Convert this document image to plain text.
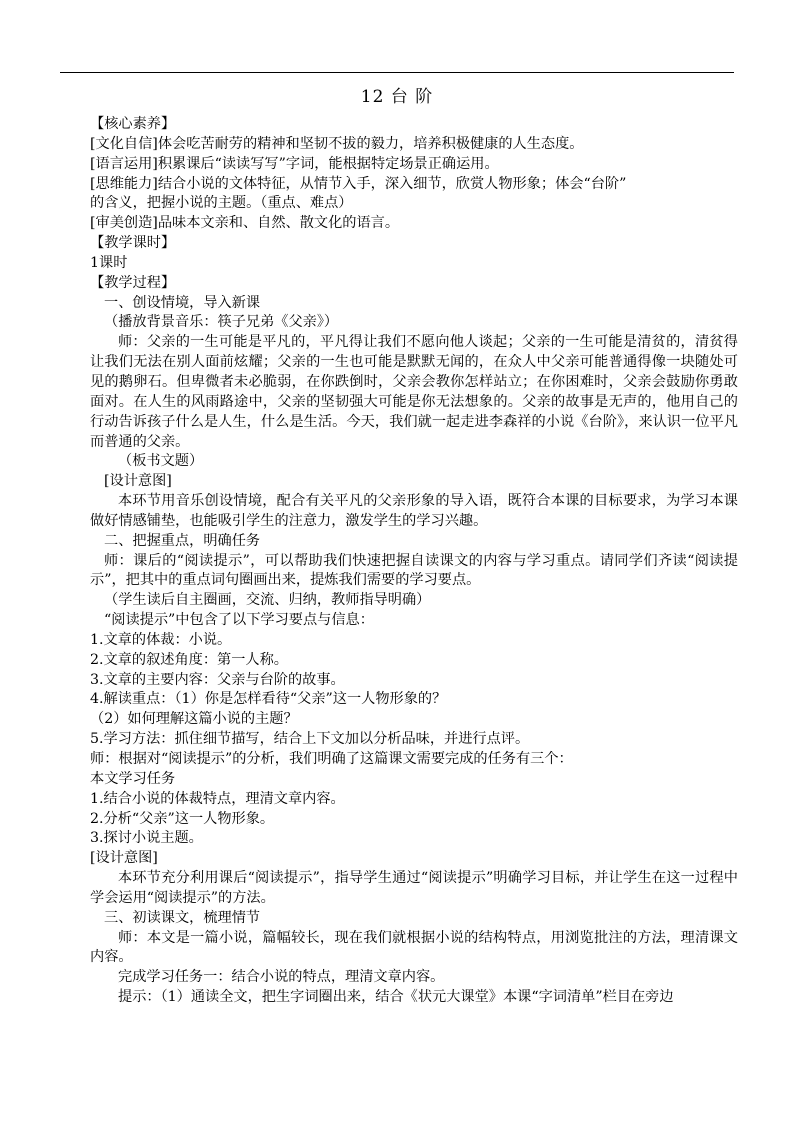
12 台 阶

【核心素养】

[文化自信]体会吃苦耐劳的精神和坚韧不拔的毅力，培养积极健康的人生态度。

[语言运用]积累课后“读读写写”字词，能根据特定场景正确运用。

[思维能力]结合小说的文体特征，从情节入手，深入细节，欣赏人物形象；体会“台阶”

的含义，把握小说的主题。（重点、难点）

[审美创造]品味本文亲和、自然、散文化的语言。

【教学课时】

1课时

【教学过程】

一、创设情境，导入新课

（播放背景音乐：筷子兄弟《父亲》）

师：父亲的一生可能是平凡的，平凡得让我们不愿向他人谈起；父亲的一生可能是清贫的，清贫得让我们无法在别人面前炫耀；父亲的一生也可能是默默无闻的，在众人中父亲可能普通得像一块随处可见的鹅卵石。但卑微者未必脆弱，在你跌倒时，父亲会教你怎样站立；在你困难时，父亲会鼓励你勇敢面对。在人生的风雨路途中，父亲的坚韧强大可能是你无法想象的。父亲的故事是无声的，他用自己的行动告诉孩子什么是人生，什么是生活。今天，我们就一起走进李森祥的小说《台阶》，来认识一位平凡而普通的父亲。

（板书文题）

[设计意图]

本环节用音乐创设情境，配合有关平凡的父亲形象的导入语，既符合本课的目标要求，为学习本课做好情感铺垫，也能吸引学生的注意力，激发学生的学习兴趣。

二、把握重点，明确任务

师：课后的“阅读提示”，可以帮助我们快速把握自读课文的内容与学习重点。请同学们齐读“阅读提示”，把其中的重点词句圈画出来，提炼我们需要的学习要点。

（学生读后自主圈画，交流、归纳，教师指导明确）

“阅读提示”中包含了以下学习要点与信息：

1.文章的体裁：小说。

2.文章的叙述角度：第一人称。

3.文章的主要内容：父亲与台阶的故事。

4.解读重点：（1）你是怎样看待“父亲”这一人物形象的？

（2）如何理解这篇小说的主题？

5.学习方法：抓住细节描写，结合上下文加以分析品味，并进行点评。

师：根据对“阅读提示”的分析，我们明确了这篇课文需要完成的任务有三个：

本文学习任务

1.结合小说的体裁特点，理清文章内容。

2.分析“父亲”这一人物形象。

3.探讨小说主题。

[设计意图]

本环节充分利用课后“阅读提示”，指导学生通过“阅读提示”明确学习目标，并让学生在这一过程中学会运用“阅读提示”的方法。

三、初读课文，梳理情节

师：本文是一篇小说，篇幅较长，现在我们就根据小说的结构特点，用浏览批注的方法，理清课文内容。

完成学习任务一：结合小说的特点，理清文章内容。

提示：（1）通读全文，把生字词圈出来，结合《状元大课堂》本课“字词清单”栏目在旁边
